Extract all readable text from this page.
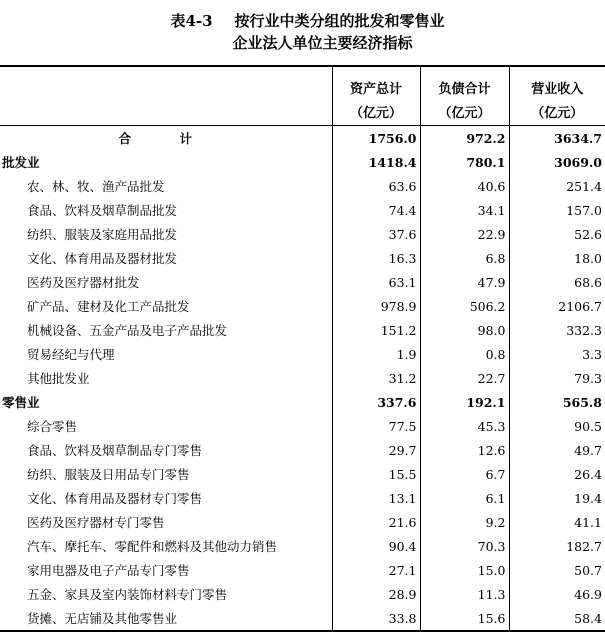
表4-3 按行业中类分组的批发和零售业
企业法人单位主要经济指标
	资产总计	负债合计	营业收入
	（亿元）	（亿元）	（亿元）
合　计	1756.0	972.2	3634.7
批发业	1418.4	780.1	3069.0
农、林、牧、渔产品批发	63.6	40.6	251.4
食品、饮料及烟草制品批发	74.4	34.1	157.0
纺织、服装及家庭用品批发	37.6	22.9	52.6
文化、体育用品及器材批发	16.3	6.8	18.0
医药及医疗器材批发	63.1	47.9	68.6
矿产品、建材及化工产品批发	978.9	506.2	2106.7
机械设备、五金产品及电子产品批发	151.2	98.0	332.3
贸易经纪与代理	1.9	0.8	3.3
其他批发业	31.2	22.7	79.3
零售业	337.6	192.1	565.8
综合零售	77.5	45.3	90.5
食品、饮料及烟草制品专门零售	29.7	12.6	49.7
纺织、服装及日用品专门零售	15.5	6.7	26.4
文化、体育用品及器材专门零售	13.1	6.1	19.4
医药及医疗器材专门零售	21.6	9.2	41.1
汽车、摩托车、零配件和燃料及其他动力销售	90.4	70.3	182.7
家用电器及电子产品专门零售	27.1	15.0	50.7
五金、家具及室内装饰材料专门零售	28.9	11.3	46.9
货摊、无店铺及其他零售业	33.8	15.6	58.4
